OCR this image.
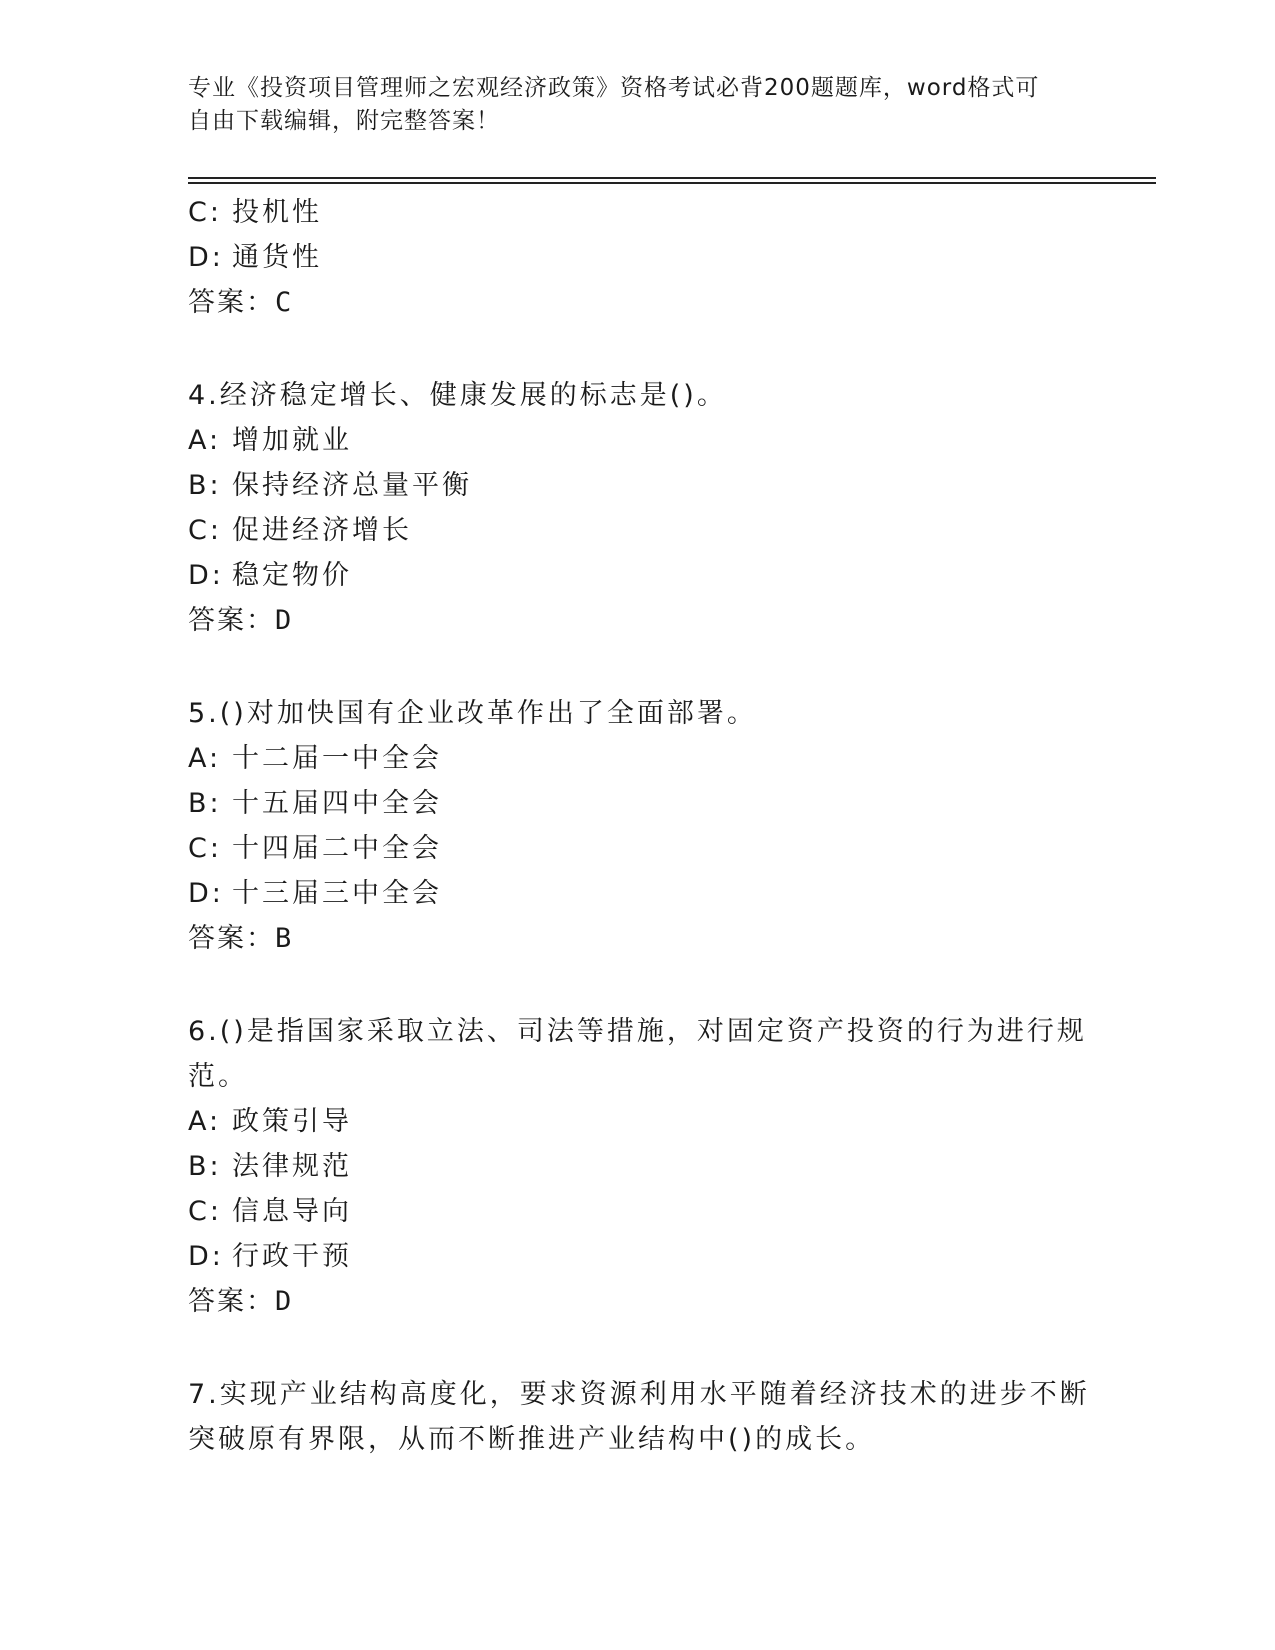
专业《投资项目管理师之宏观经济政策》资格考试必背200题题库，word格式可
自由下载编辑，附完整答案！
C: 投机性
D: 通货性
答案：C
4.经济稳定增长、健康发展的标志是()。
A: 增加就业
B: 保持经济总量平衡
C: 促进经济增长
D: 稳定物价
答案：D
5.()对加快国有企业改革作出了全面部署。
A: 十二届一中全会
B: 十五届四中全会
C: 十四届二中全会
D: 十三届三中全会
答案：B
6.()是指国家采取立法、司法等措施，对固定资产投资的行为进行规
范。
A: 政策引导
B: 法律规范
C: 信息导向
D: 行政干预
答案：D
7.实现产业结构高度化，要求资源利用水平随着经济技术的进步不断
突破原有界限，从而不断推进产业结构中()的成长。
